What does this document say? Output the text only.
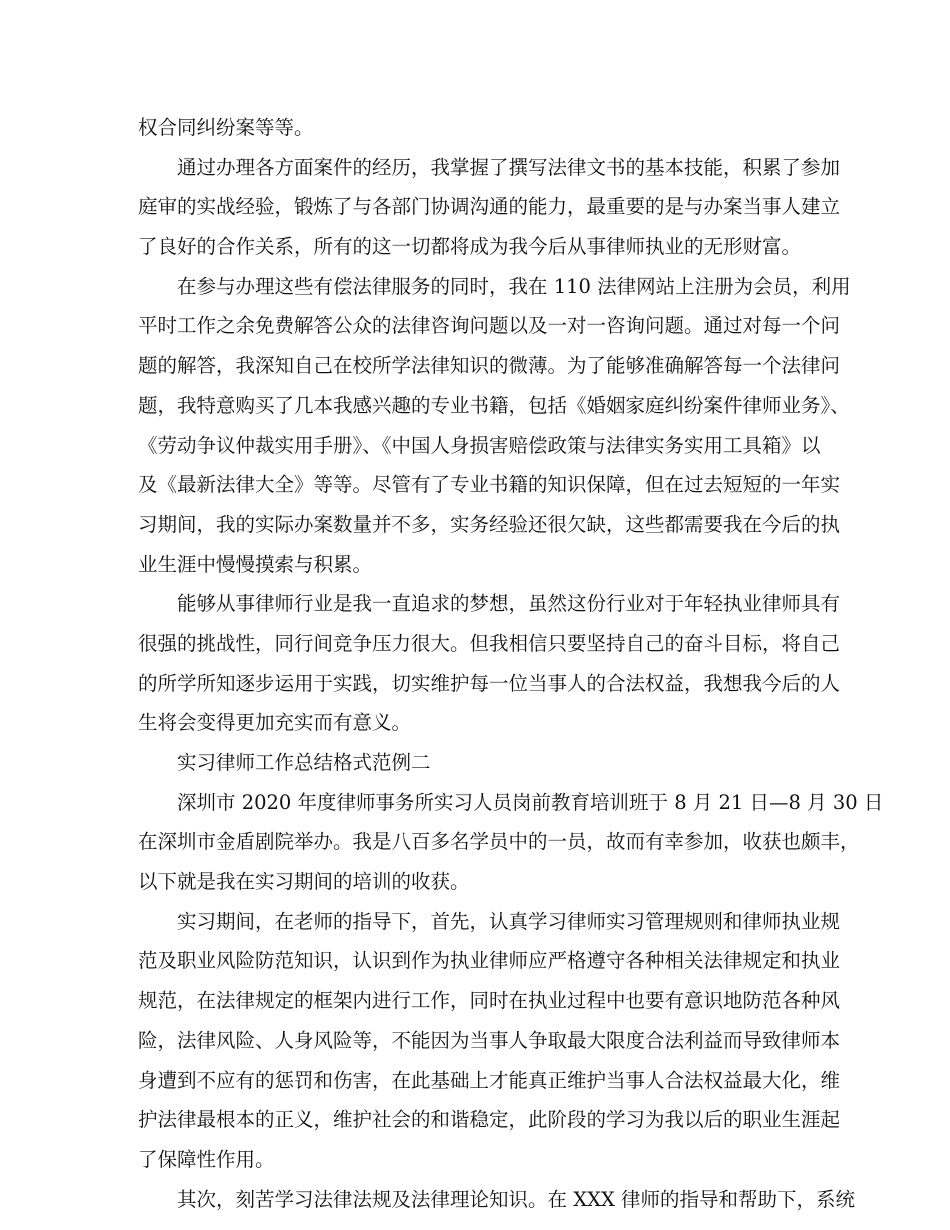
权合同纠纷案等等。
通过办理各方面案件的经历，我掌握了撰写法律文书的基本技能，积累了参加
庭审的实战经验，锻炼了与各部门协调沟通的能力，最重要的是与办案当事人建立
了良好的合作关系，所有的这一切都将成为我今后从事律师执业的无形财富。
在参与办理这些有偿法律服务的同时，我在 110 法律网站上注册为会员，利用
平时工作之余免费解答公众的法律咨询问题以及一对一咨询问题。通过对每一个问
题的解答，我深知自己在校所学法律知识的微薄。为了能够准确解答每一个法律问
题，我特意购买了几本我感兴趣的专业书籍，包括《婚姻家庭纠纷案件律师业务》、
《劳动争议仲裁实用手册》、《中国人身损害赔偿政策与法律实务实用工具箱》以
及《最新法律大全》等等。尽管有了专业书籍的知识保障，但在过去短短的一年实
习期间，我的实际办案数量并不多，实务经验还很欠缺，这些都需要我在今后的执
业生涯中慢慢摸索与积累。
能够从事律师行业是我一直追求的梦想，虽然这份行业对于年轻执业律师具有
很强的挑战性，同行间竞争压力很大。但我相信只要坚持自己的奋斗目标，将自己
的所学所知逐步运用于实践，切实维护每一位当事人的合法权益，我想我今后的人
生将会变得更加充实而有意义。
实习律师工作总结格式范例二
深圳市 2020 年度律师事务所实习人员岗前教育培训班于 8 月 21 日—8 月 30 日
在深圳市金盾剧院举办。我是八百多名学员中的一员，故而有幸参加，收获也颇丰，
以下就是我在实习期间的培训的收获。
实习期间，在老师的指导下，首先，认真学习律师实习管理规则和律师执业规
范及职业风险防范知识，认识到作为执业律师应严格遵守各种相关法律规定和执业
规范，在法律规定的框架内进行工作，同时在执业过程中也要有意识地防范各种风
险，法律风险、人身风险等，不能因为当事人争取最大限度合法利益而导致律师本
身遭到不应有的惩罚和伤害，在此基础上才能真正维护当事人合法权益最大化，维
护法律最根本的正义，维护社会的和谐稳定，此阶段的学习为我以后的职业生涯起
了保障性作用。
其次，刻苦学习法律法规及法律理论知识。在 XXX 律师的指导和帮助下，系统
